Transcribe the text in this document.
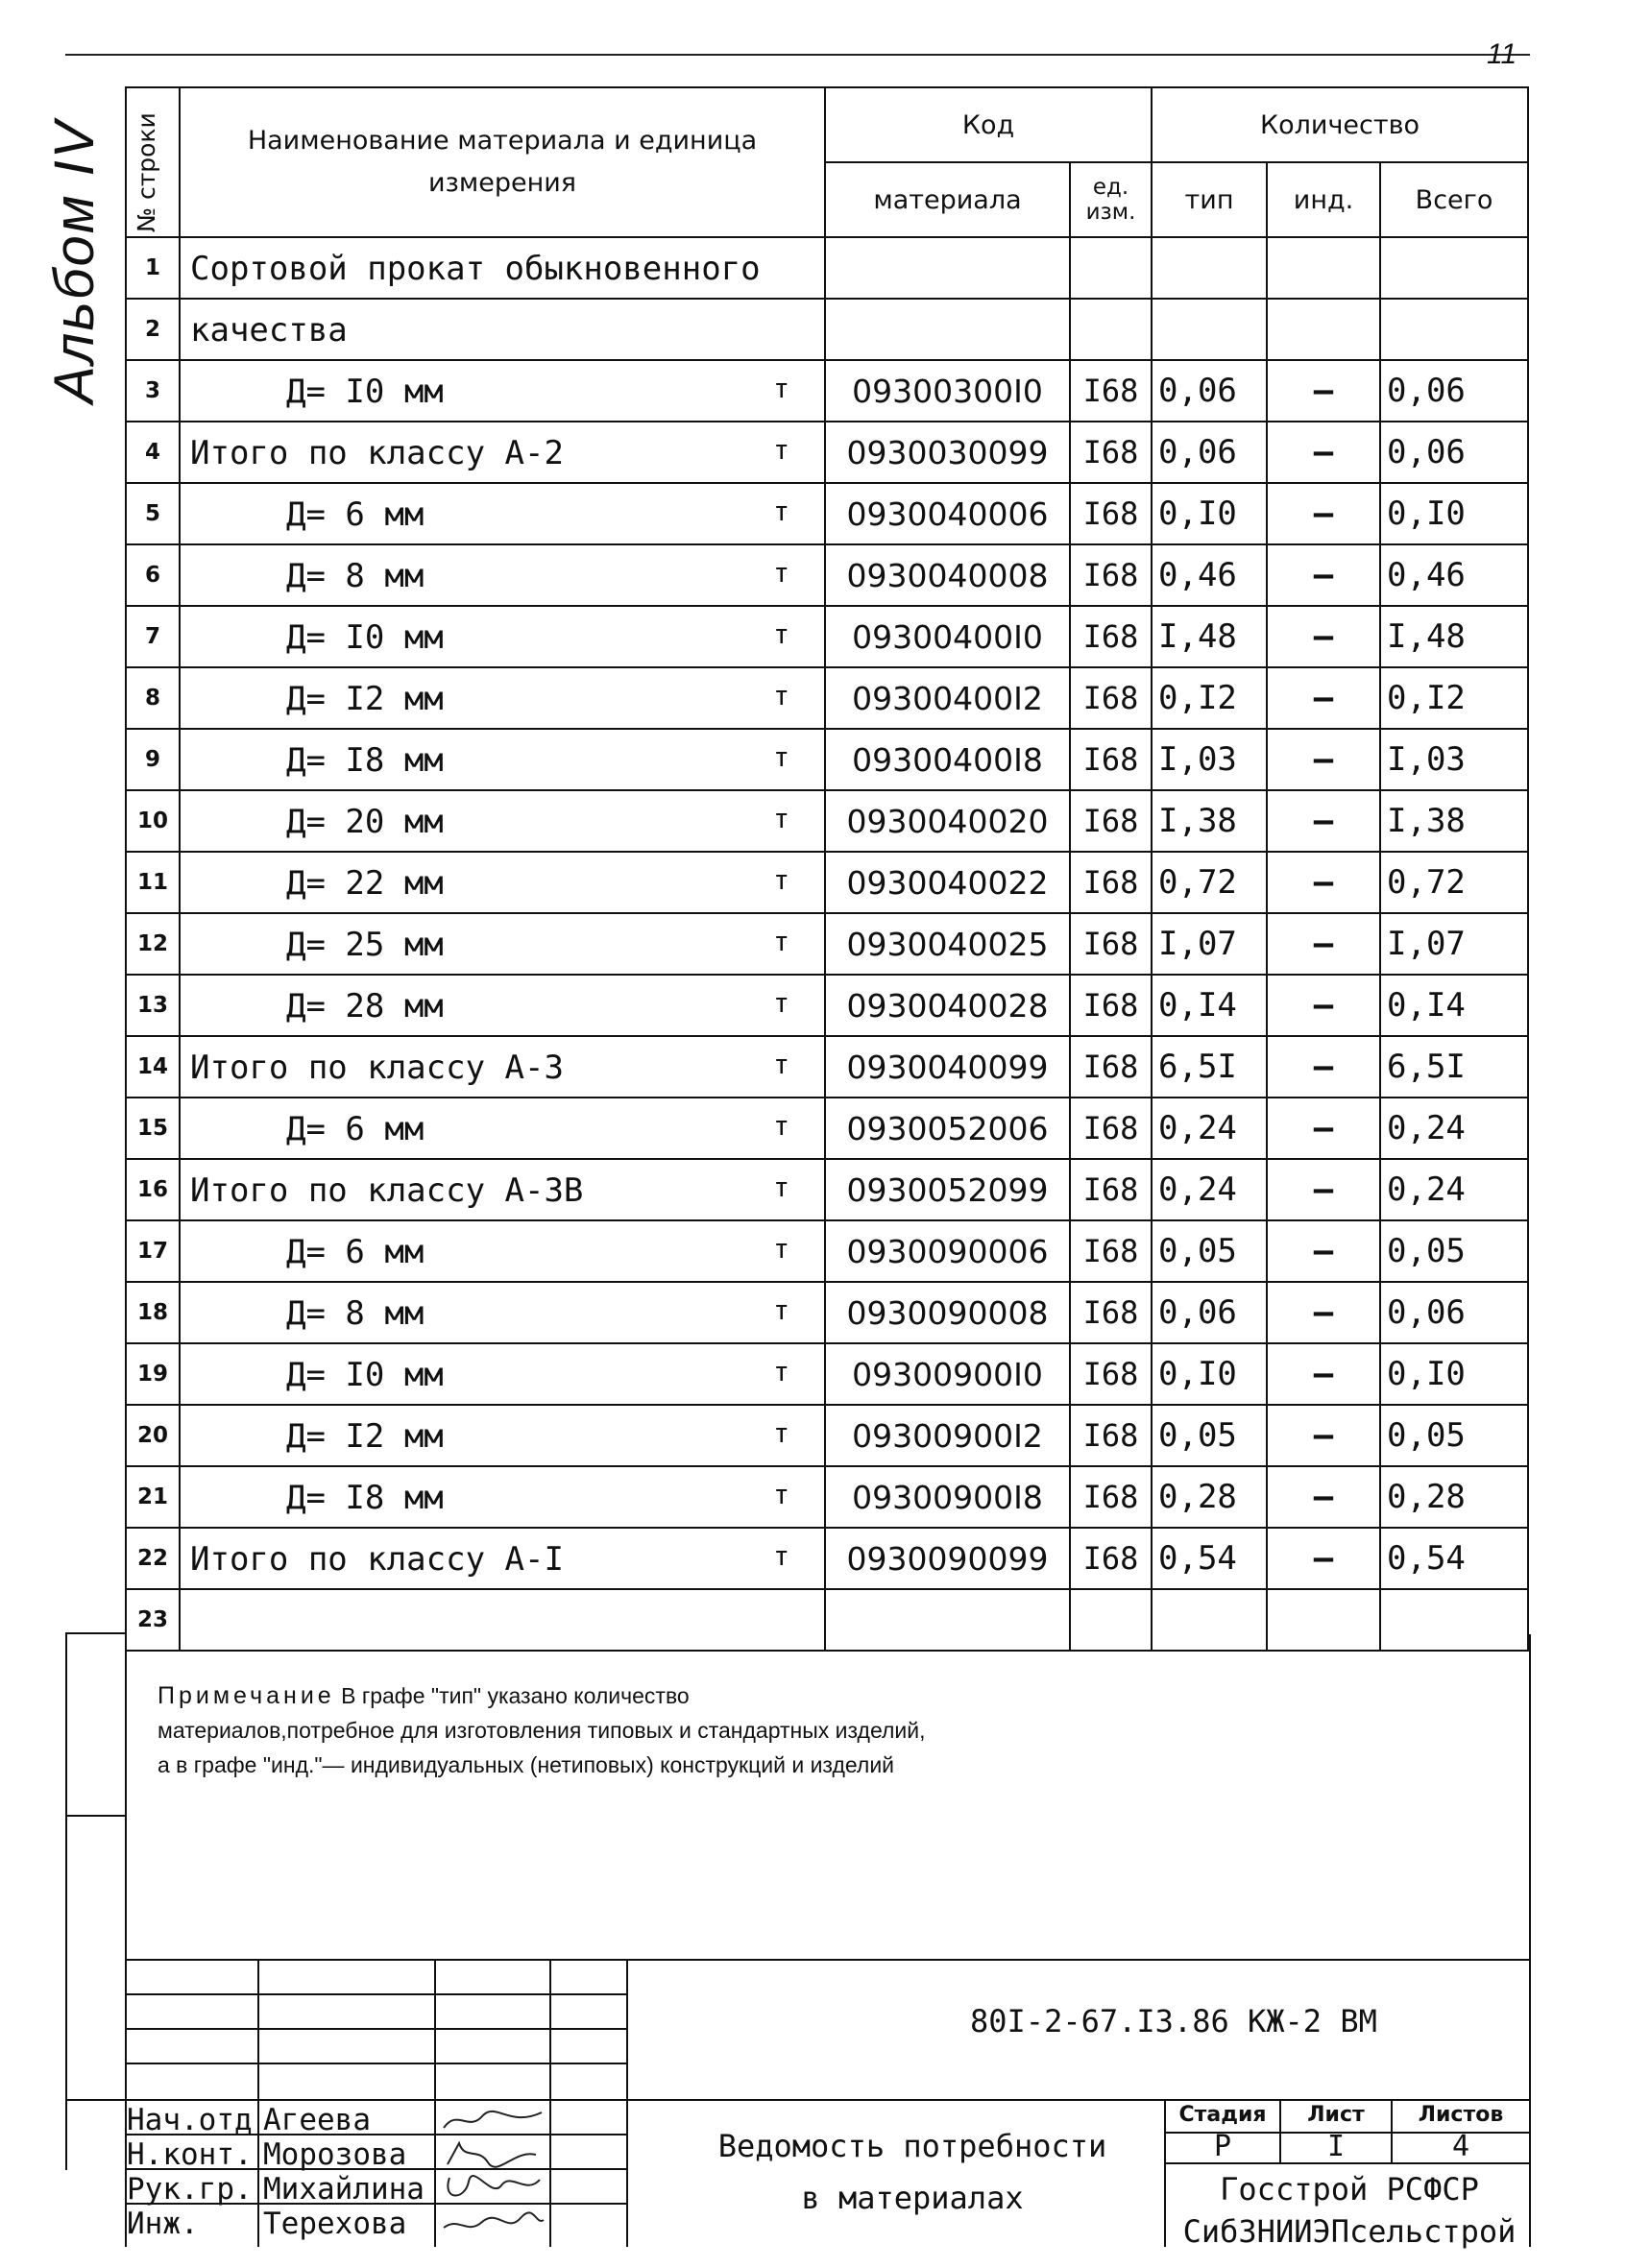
11
Альбом IV № строки	Наименование материала и единица измерения	Код		Количество		
		материала	ед. изм.	тип	инд.	Всего
1	Сортовой прокат обыкновенного					

2	качества					

3	Д= I0 мм т	09300300I0	I68	0,06	–	0,06
4	Итого по классу А-2 т	0930030099	I68	0,06	–	0,06
5	Д= 6 мм т	0930040006	I68	0,I0	–	0,I0
6	Д= 8 мм т	0930040008	I68	0,46	–	0,46
7	Д= I0 мм т	09300400I0	I68	I,48	–	I,48
8	Д= I2 мм т	09300400I2	I68	0,I2	–	0,I2
9	Д= I8 мм т	09300400I8	I68	I,03	–	I,03
10	Д= 20 мм т	0930040020	I68	I,38	–	I,38
11	Д= 22 мм т	0930040022	I68	0,72	–	0,72
12	Д= 25 мм т	0930040025	I68	I,07	–	I,07
13	Д= 28 мм т	0930040028	I68	0,I4	–	0,I4
14	Итого по классу А-3 т	0930040099	I68	6,5I	–	6,5I
15	Д= 6 мм т	0930052006	I68	0,24	–	0,24
16	Итого по классу А-3В т	0930052099	I68	0,24	–	0,24
17	Д= 6 мм т	0930090006	I68	0,05	–	0,05
18	Д= 8 мм т	0930090008	I68	0,06	–	0,06
19	Д= I0 мм т	09300900I0	I68	0,I0	–	0,I0
20	Д= I2 мм т	09300900I2	I68	0,05	–	0,05
21	Д= I8 мм т	09300900I8	I68	0,28	–	0,28
22	Итого по классу А-I т	0930090099	I68	0,54	–	0,54
23	

Примечание В графе "тип" указано количество материалов,потребное для изготовления типовых и стандартных изделий, а в графе "инд."— индивидуальных (нетиповых) конструкций и изделий
80I-2-67.I3.86 КЖ-2 ВМ
Нач.отд Агеева
Н.конт. Морозова
Рук.гр. Михайлина
Инж. Терехова
Ведомость потребности
в материалах
Стадия	Лист	Листов
Р	I	4
Госстрой РСФСР
СибЗНИИЭПсельстрой
